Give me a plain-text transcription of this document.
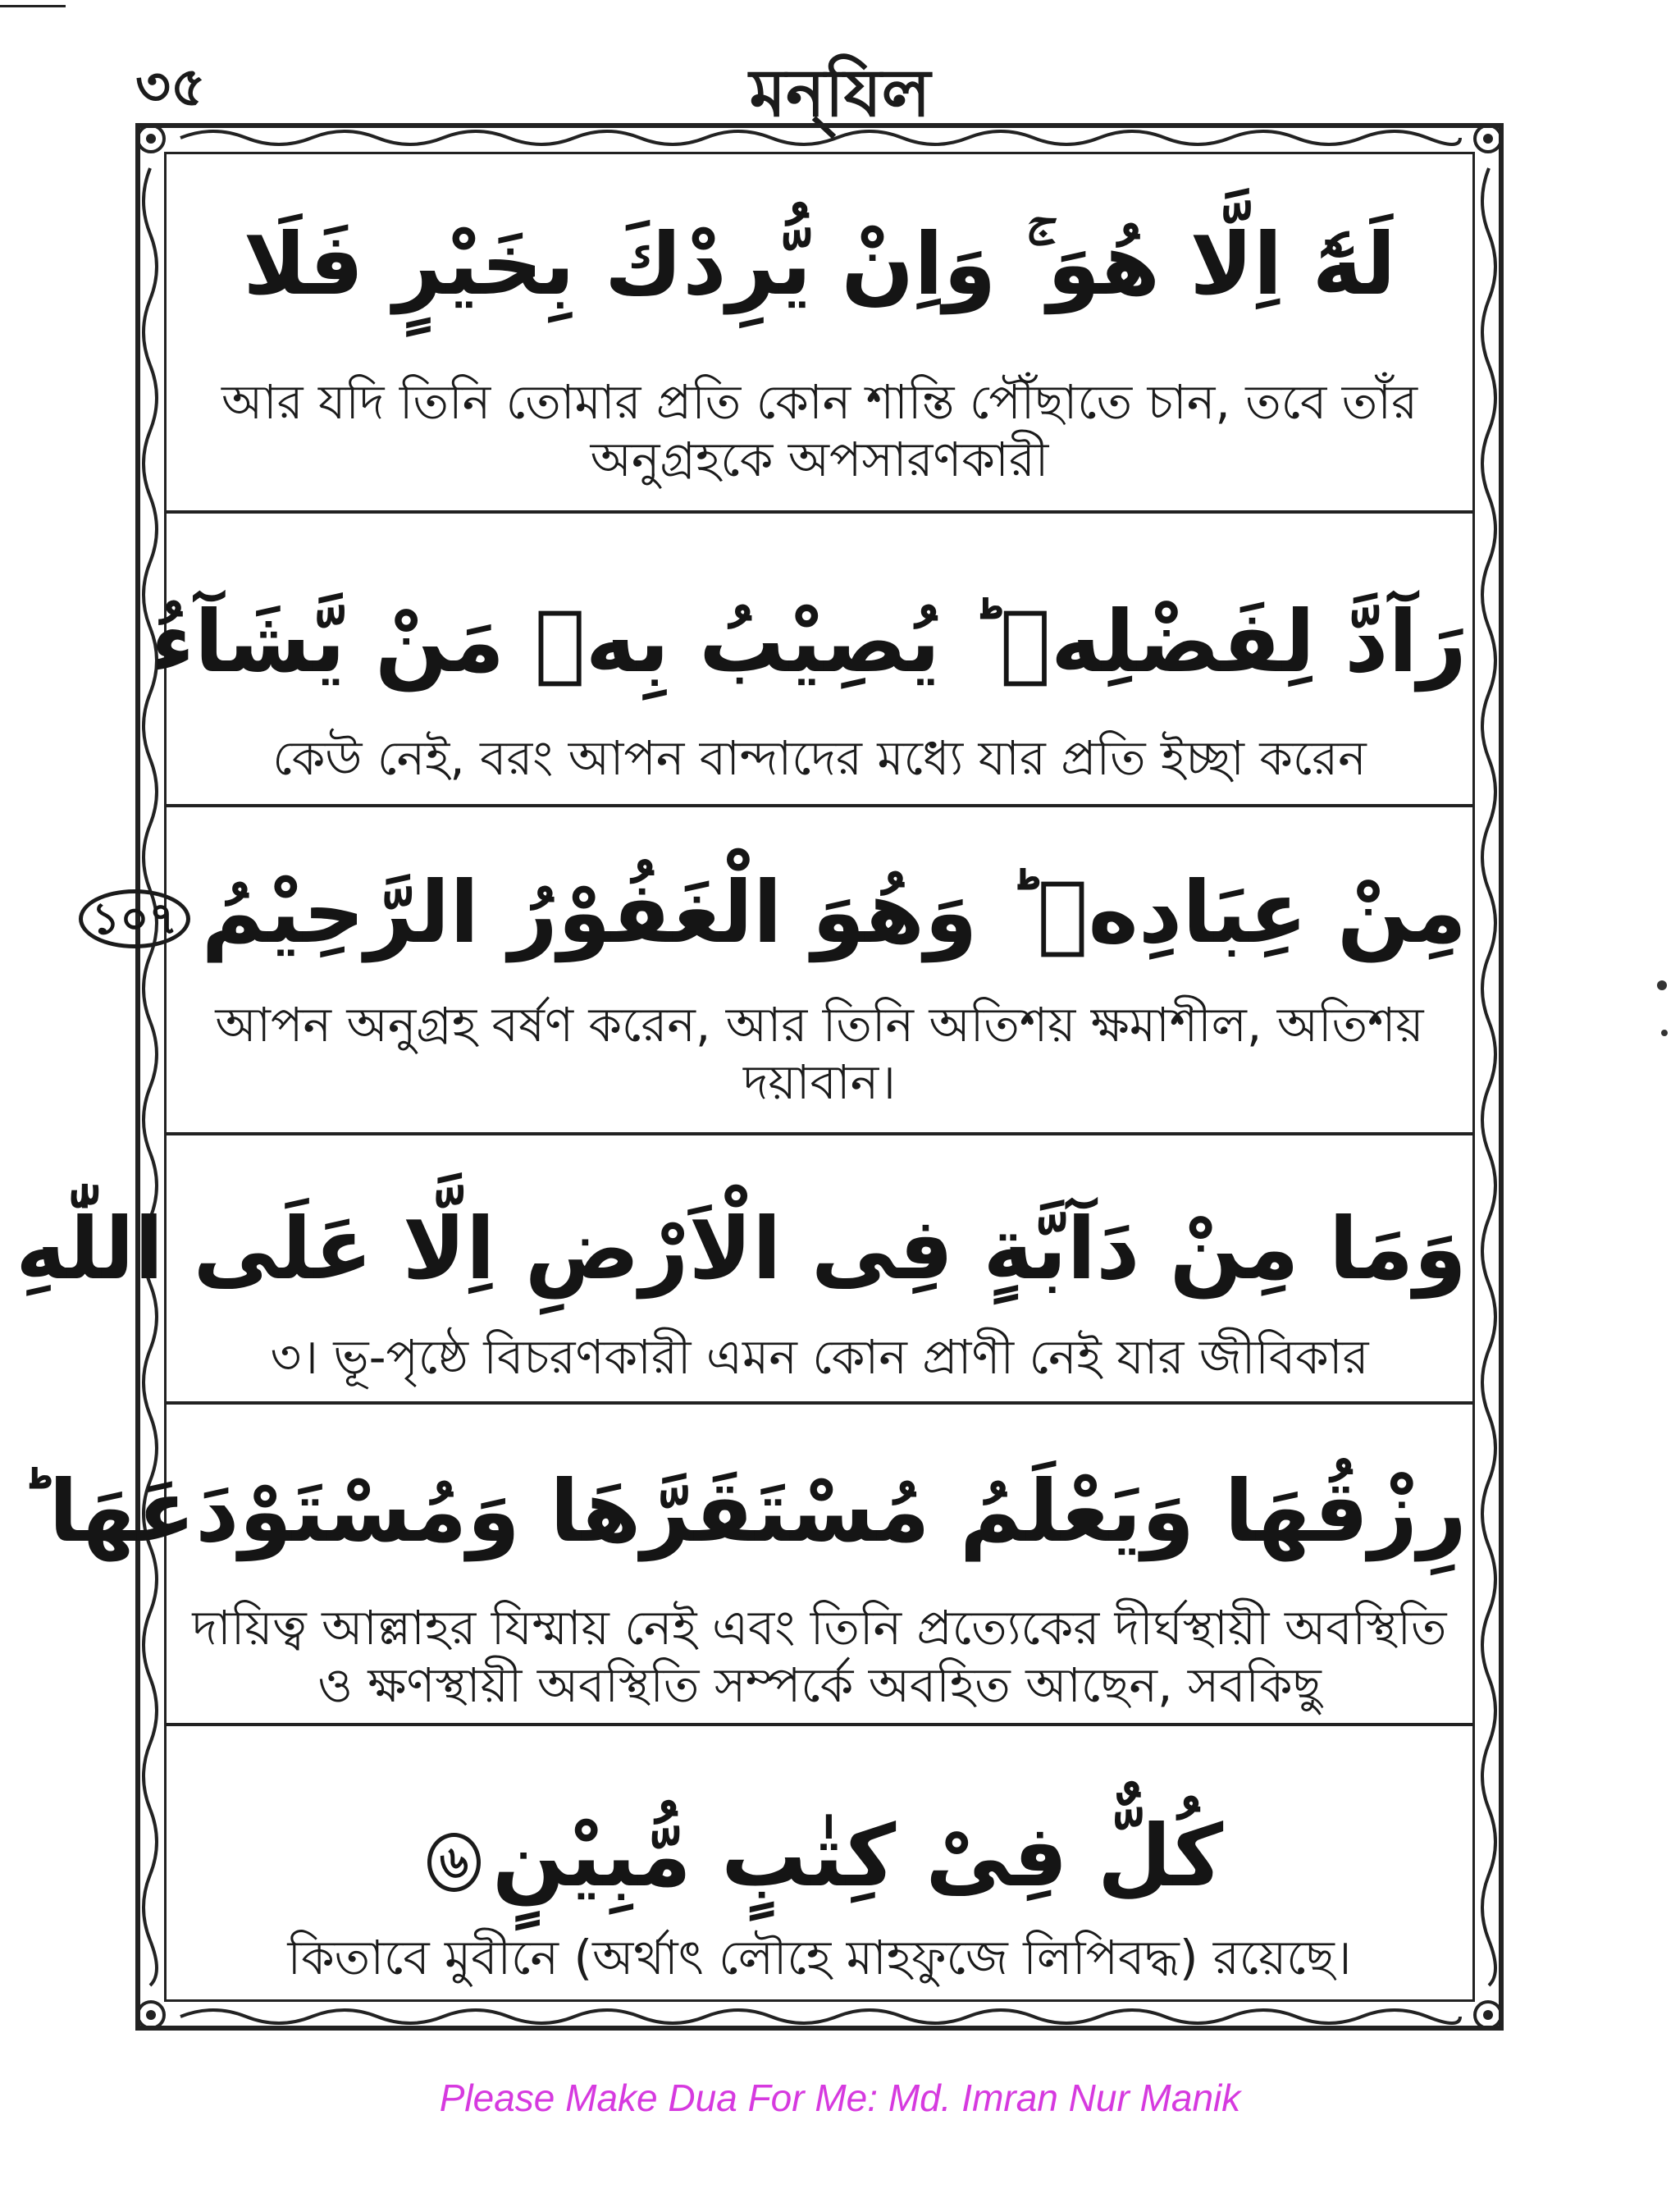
৩৫	মন্‌যিল
لَهٗٓ اِلَّا هُوَ ۚ وَاِنْ يُّرِدْكَ بِخَيْرٍ فَلَا
আর যদি তিনি তোমার প্রতি কোন শান্তি পৌঁছাতে চান, তবে তাঁর অনুগ্রহকে অপসারণকারী
رَآدَّ لِفَضْلِهٖ ؕ يُصِيْبُ بِهٖ مَنْ يَّشَآءُ
কেউ নেই, বরং আপন বান্দাদের মধ্যে যার প্রতি ইচ্ছা করেন
مِنْ عِبَادِهٖ ؕ وَهُوَ الْغَفُوْرُ الرَّحِيْمُ১০৭
আপন অনুগ্রহ বর্ষণ করেন, আর তিনি অতিশয় ক্ষমাশীল, অতিশয় দয়াবান।
وَمَا مِنْ دَآبَّةٍ فِى الْاَرْضِ اِلَّا عَلَى اللّٰهِ
৩। ভূ-পৃষ্ঠে বিচরণকারী এমন কোন প্রাণী নেই যার জীবিকার
رِزْقُهَا وَيَعْلَمُ مُسْتَقَرَّهَا وَمُسْتَوْدَعَهَا ؕ
দায়িত্ব আল্লাহর যিম্মায় নেই এবং তিনি প্রত্যেকের দীর্ঘস্থায়ী অবস্থিতি ও ক্ষণস্থায়ী অবস্থিতি সম্পর্কে অবহিত আছেন, সবকিছু
كُلٌّ فِىْ كِتٰبٍ مُّبِيْنٍ৬
কিতাবে মুবীনে (অর্থাৎ লৌহে মাহফুজে লিপিবদ্ধ) রয়েছে।
Please Make Dua For Me: Md. Imran Nur Manik
